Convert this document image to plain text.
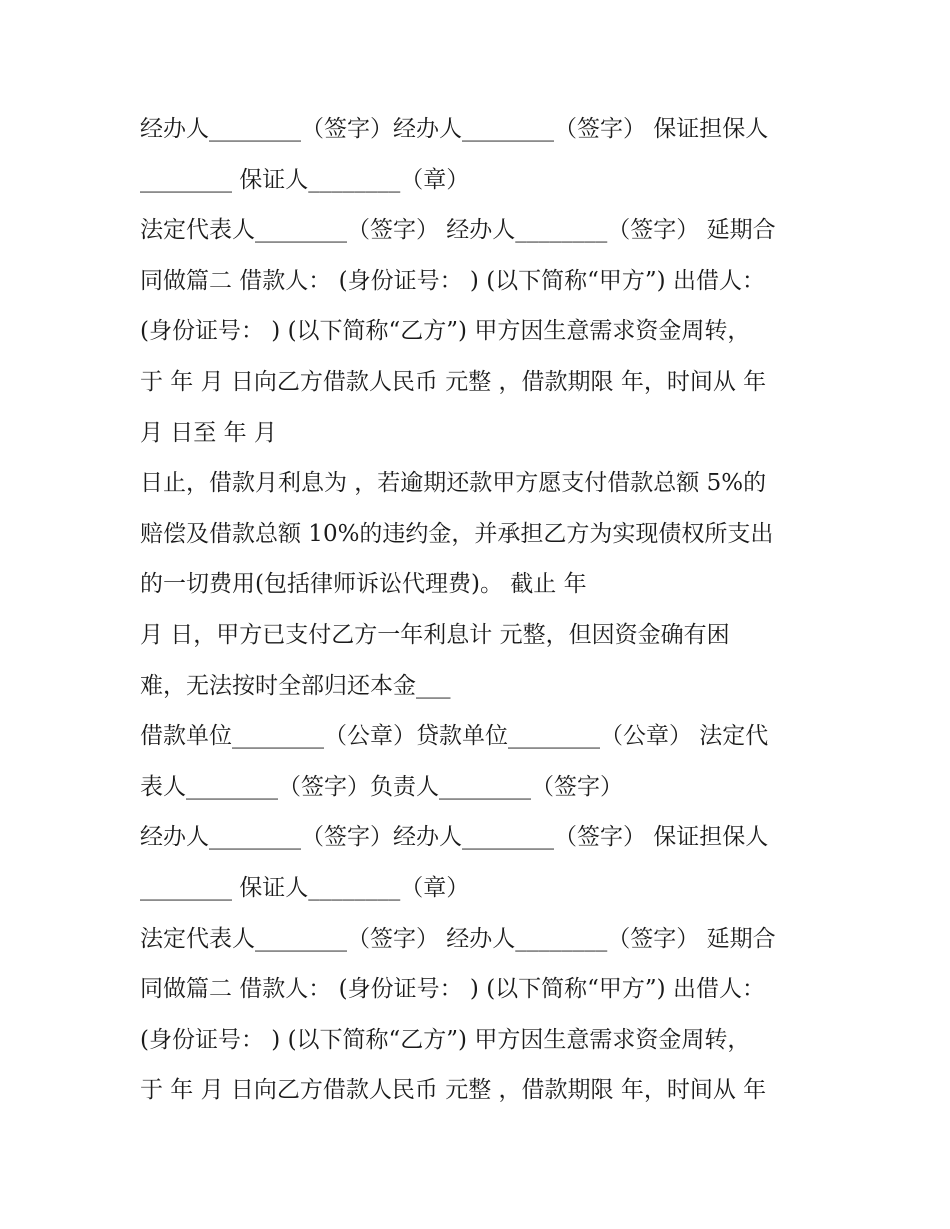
经办人________（签字）经办人________（签字） 保证担保人
________ 保证人________（章）
法定代表人________（签字） 经办人________（签字） 延期合
同做篇二 借款人： (身份证号： ) (以下简称“甲方”) 出借人：
(身份证号： ) (以下简称“乙方”) 甲方因生意需求资金周转，
于 年 月 日向乙方借款人民币 元整 ，借款期限 年，时间从 年
月 日至 年 月
日止，借款月利息为 ，若逾期还款甲方愿支付借款总额 5%的
赔偿及借款总额 10%的违约金，并承担乙方为实现债权所支出
的一切费用(包括律师诉讼代理费)。 截止 年
月 日，甲方已支付乙方一年利息计 元整，但因资金确有困
难，无法按时全部归还本金___
借款单位________（公章）贷款单位________（公章） 法定代
表人________（签字）负责人________（签字）
经办人________（签字）经办人________（签字） 保证担保人
________ 保证人________（章）
法定代表人________（签字） 经办人________（签字） 延期合
同做篇二 借款人： (身份证号： ) (以下简称“甲方”) 出借人：
(身份证号： ) (以下简称“乙方”) 甲方因生意需求资金周转，
于 年 月 日向乙方借款人民币 元整 ，借款期限 年，时间从 年
